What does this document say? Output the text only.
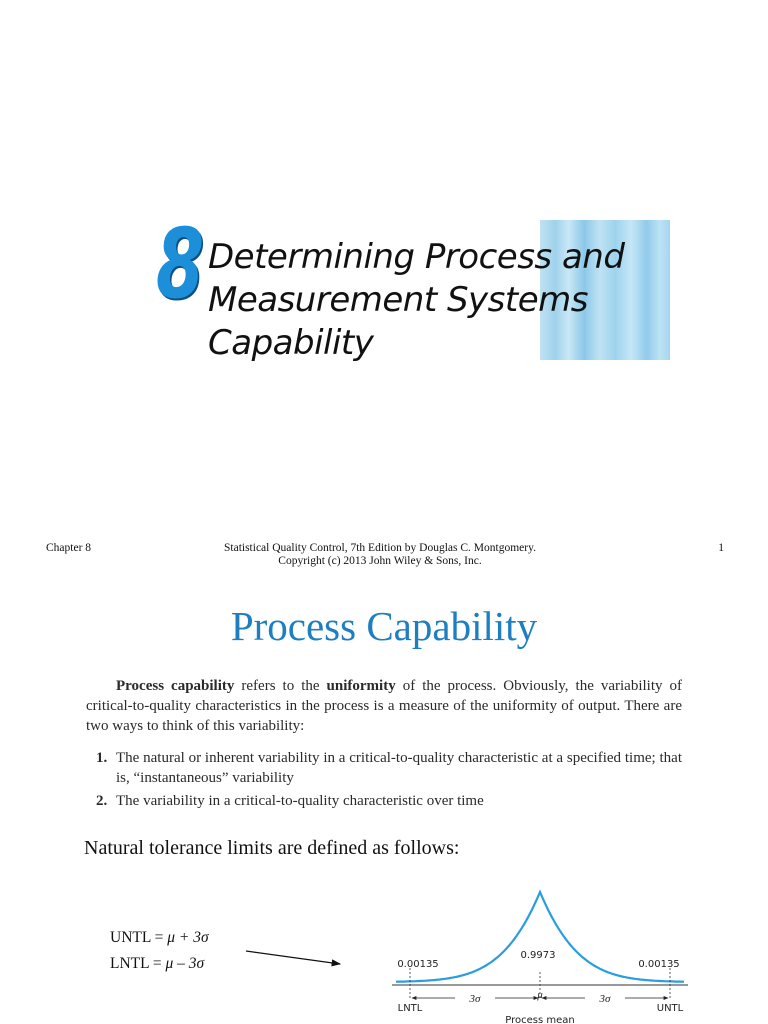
8 Determining Process and
Measurement Systems
Capability
Chapter 8	Statistical Quality Control, 7th Edition by Douglas C. Montgomery.
Copyright (c) 2013 John Wiley & Sons, Inc.
1
Process Capability
Process capability refers to the uniformity of the process. Obviously, the variability of critical-to-quality characteristics in the process is a measure of the uniformity of output. There are two ways to think of this variability:
1. The natural or inherent variability in a critical-to-quality characteristic at a specified time; that is, “instantaneous” variability
2. The variability in a critical-to-quality characteristic over time
Natural tolerance limits are defined as follows:
UNTL = μ + 3σ
LNTL = μ – 3σ	0.00135
0.9973
0.00135
μ
3σ	3σ
LNTL	UNTL
Process mean
